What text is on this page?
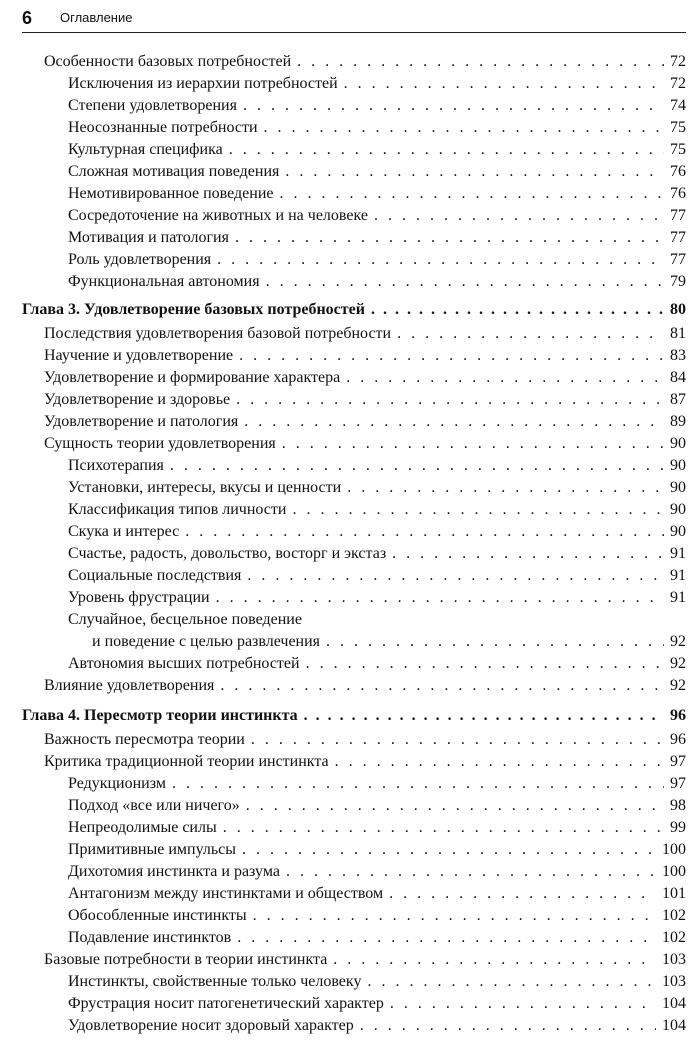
6 Оглавление
Особенности базовых потребностей . . .	72
Исключения из иерархии потребностей . . .	72
Степени удовлетворения . . .	74
Неосознанные потребности . . .	75
Культурная специфика . . .	75
Сложная мотивация поведения . . .	76
Немотивированное поведение . . .	76
Сосредоточение на животных и на человеке . . .	77
Мотивация и патология . . .	77
Роль удовлетворения . . .	77
Функциональная автономия . . .	79
Глава 3. Удовлетворение базовых потребностей . . .	80
Последствия удовлетворения базовой потребности . . .	81
Научение и удовлетворение . . .	83
Удовлетворение и формирование характера . . .	84
Удовлетворение и здоровье . . .	87
Удовлетворение и патология . . .	89
Сущность теории удовлетворения . . .	90
Психотерапия . . .	90
Установки, интересы, вкусы и ценности . . .	90
Классификация типов личности . . .	90
Скука и интерес . . .	90
Счастье, радость, довольство, восторг и экстаз . . .	91
Социальные последствия . . .	91
Уровень фрустрации . . .	91
Случайное, бесцельное поведение
и поведение с целью развлечения . . .	92
Автономия высших потребностей . . .	92
Влияние удовлетворения . . .	92
Глава 4. Пересмотр теории инстинкта . . .	96
Важность пересмотра теории . . .	96
Критика традиционной теории инстинкта . . .	97
Редукционизм . . .	97
Подход «все или ничего» . . .	98
Непреодолимые силы . . .	99
Примитивные импульсы . . .	100
Дихотомия инстинкта и разума . . .	100
Антагонизм между инстинктами и обществом . . .	101
Обособленные инстинкты . . .	102
Подавление инстинктов . . .	102
Базовые потребности в теории инстинкта . . .	103
Инстинкты, свойственные только человеку . . .	103
Фрустрация носит патогенетический характер . . .	104
Удовлетворение носит здоровый характер . . .	104
